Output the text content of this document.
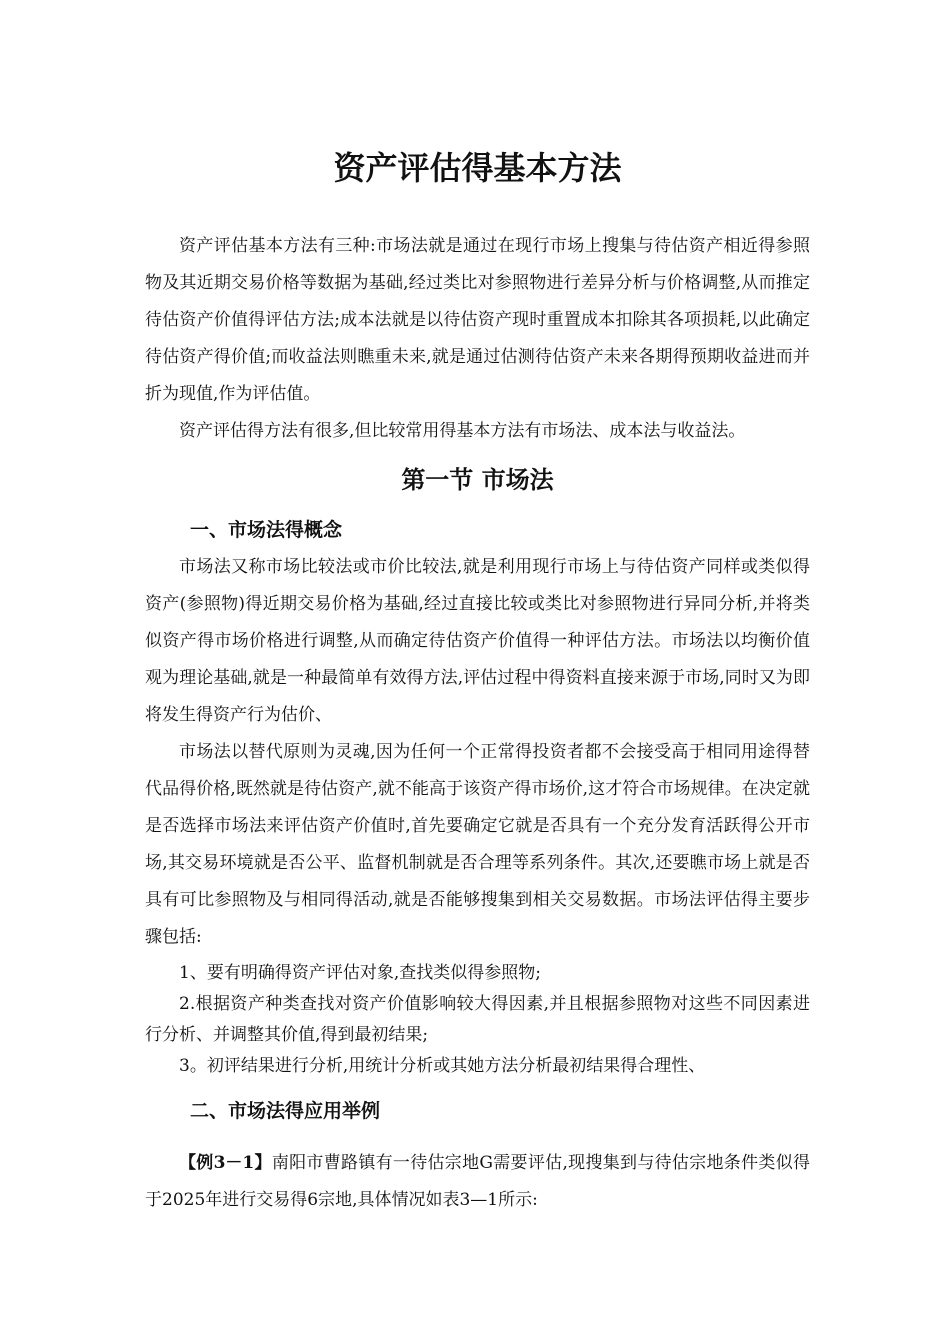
资产评估得基本方法

资产评估基本方法有三种:市场法就是通过在现行市场上搜集与待估资产相近得参照物及其近期交易价格等数据为基础,经过类比对参照物进行差异分析与价格调整,从而推定待估资产价值得评估方法;成本法就是以待估资产现时重置成本扣除其各项损耗,以此确定待估资产得价值;而收益法则瞧重未来,就是通过估测待估资产未来各期得预期收益进而并折为现值,作为评估值。

资产评估得方法有很多,但比较常用得基本方法有市场法、成本法与收益法。

第一节 市场法
一、市场法得概念

市场法又称市场比较法或市价比较法,就是利用现行市场上与待估资产同样或类似得资产(参照物)得近期交易价格为基础,经过直接比较或类比对参照物进行异同分析,并将类似资产得市场价格进行调整,从而确定待估资产价值得一种评估方法。市场法以均衡价值观为理论基础,就是一种最简单有效得方法,评估过程中得资料直接来源于市场,同时又为即将发生得资产行为估价、

市场法以替代原则为灵魂,因为任何一个正常得投资者都不会接受高于相同用途得替代品得价格,既然就是待估资产,就不能高于该资产得市场价,这才符合市场规律。在决定就是否选择市场法来评估资产价值时,首先要确定它就是否具有一个充分发育活跃得公开市场,其交易环境就是否公平、监督机制就是否合理等系列条件。其次,还要瞧市场上就是否具有可比参照物及与相同得活动,就是否能够搜集到相关交易数据。市场法评估得主要步骤包括:

1、要有明确得资产评估对象,查找类似得参照物;

2.根据资产种类查找对资产价值影响较大得因素,并且根据参照物对这些不同因素进行分析、并调整其价值,得到最初结果;

3。初评结果进行分析,用统计分析或其她方法分析最初结果得合理性、

二、市场法得应用举例

【例3－1】南阳市曹路镇有一待估宗地G需要评估,现搜集到与待估宗地条件类似得于2025年进行交易得6宗地,具体情况如表3—1所示:
